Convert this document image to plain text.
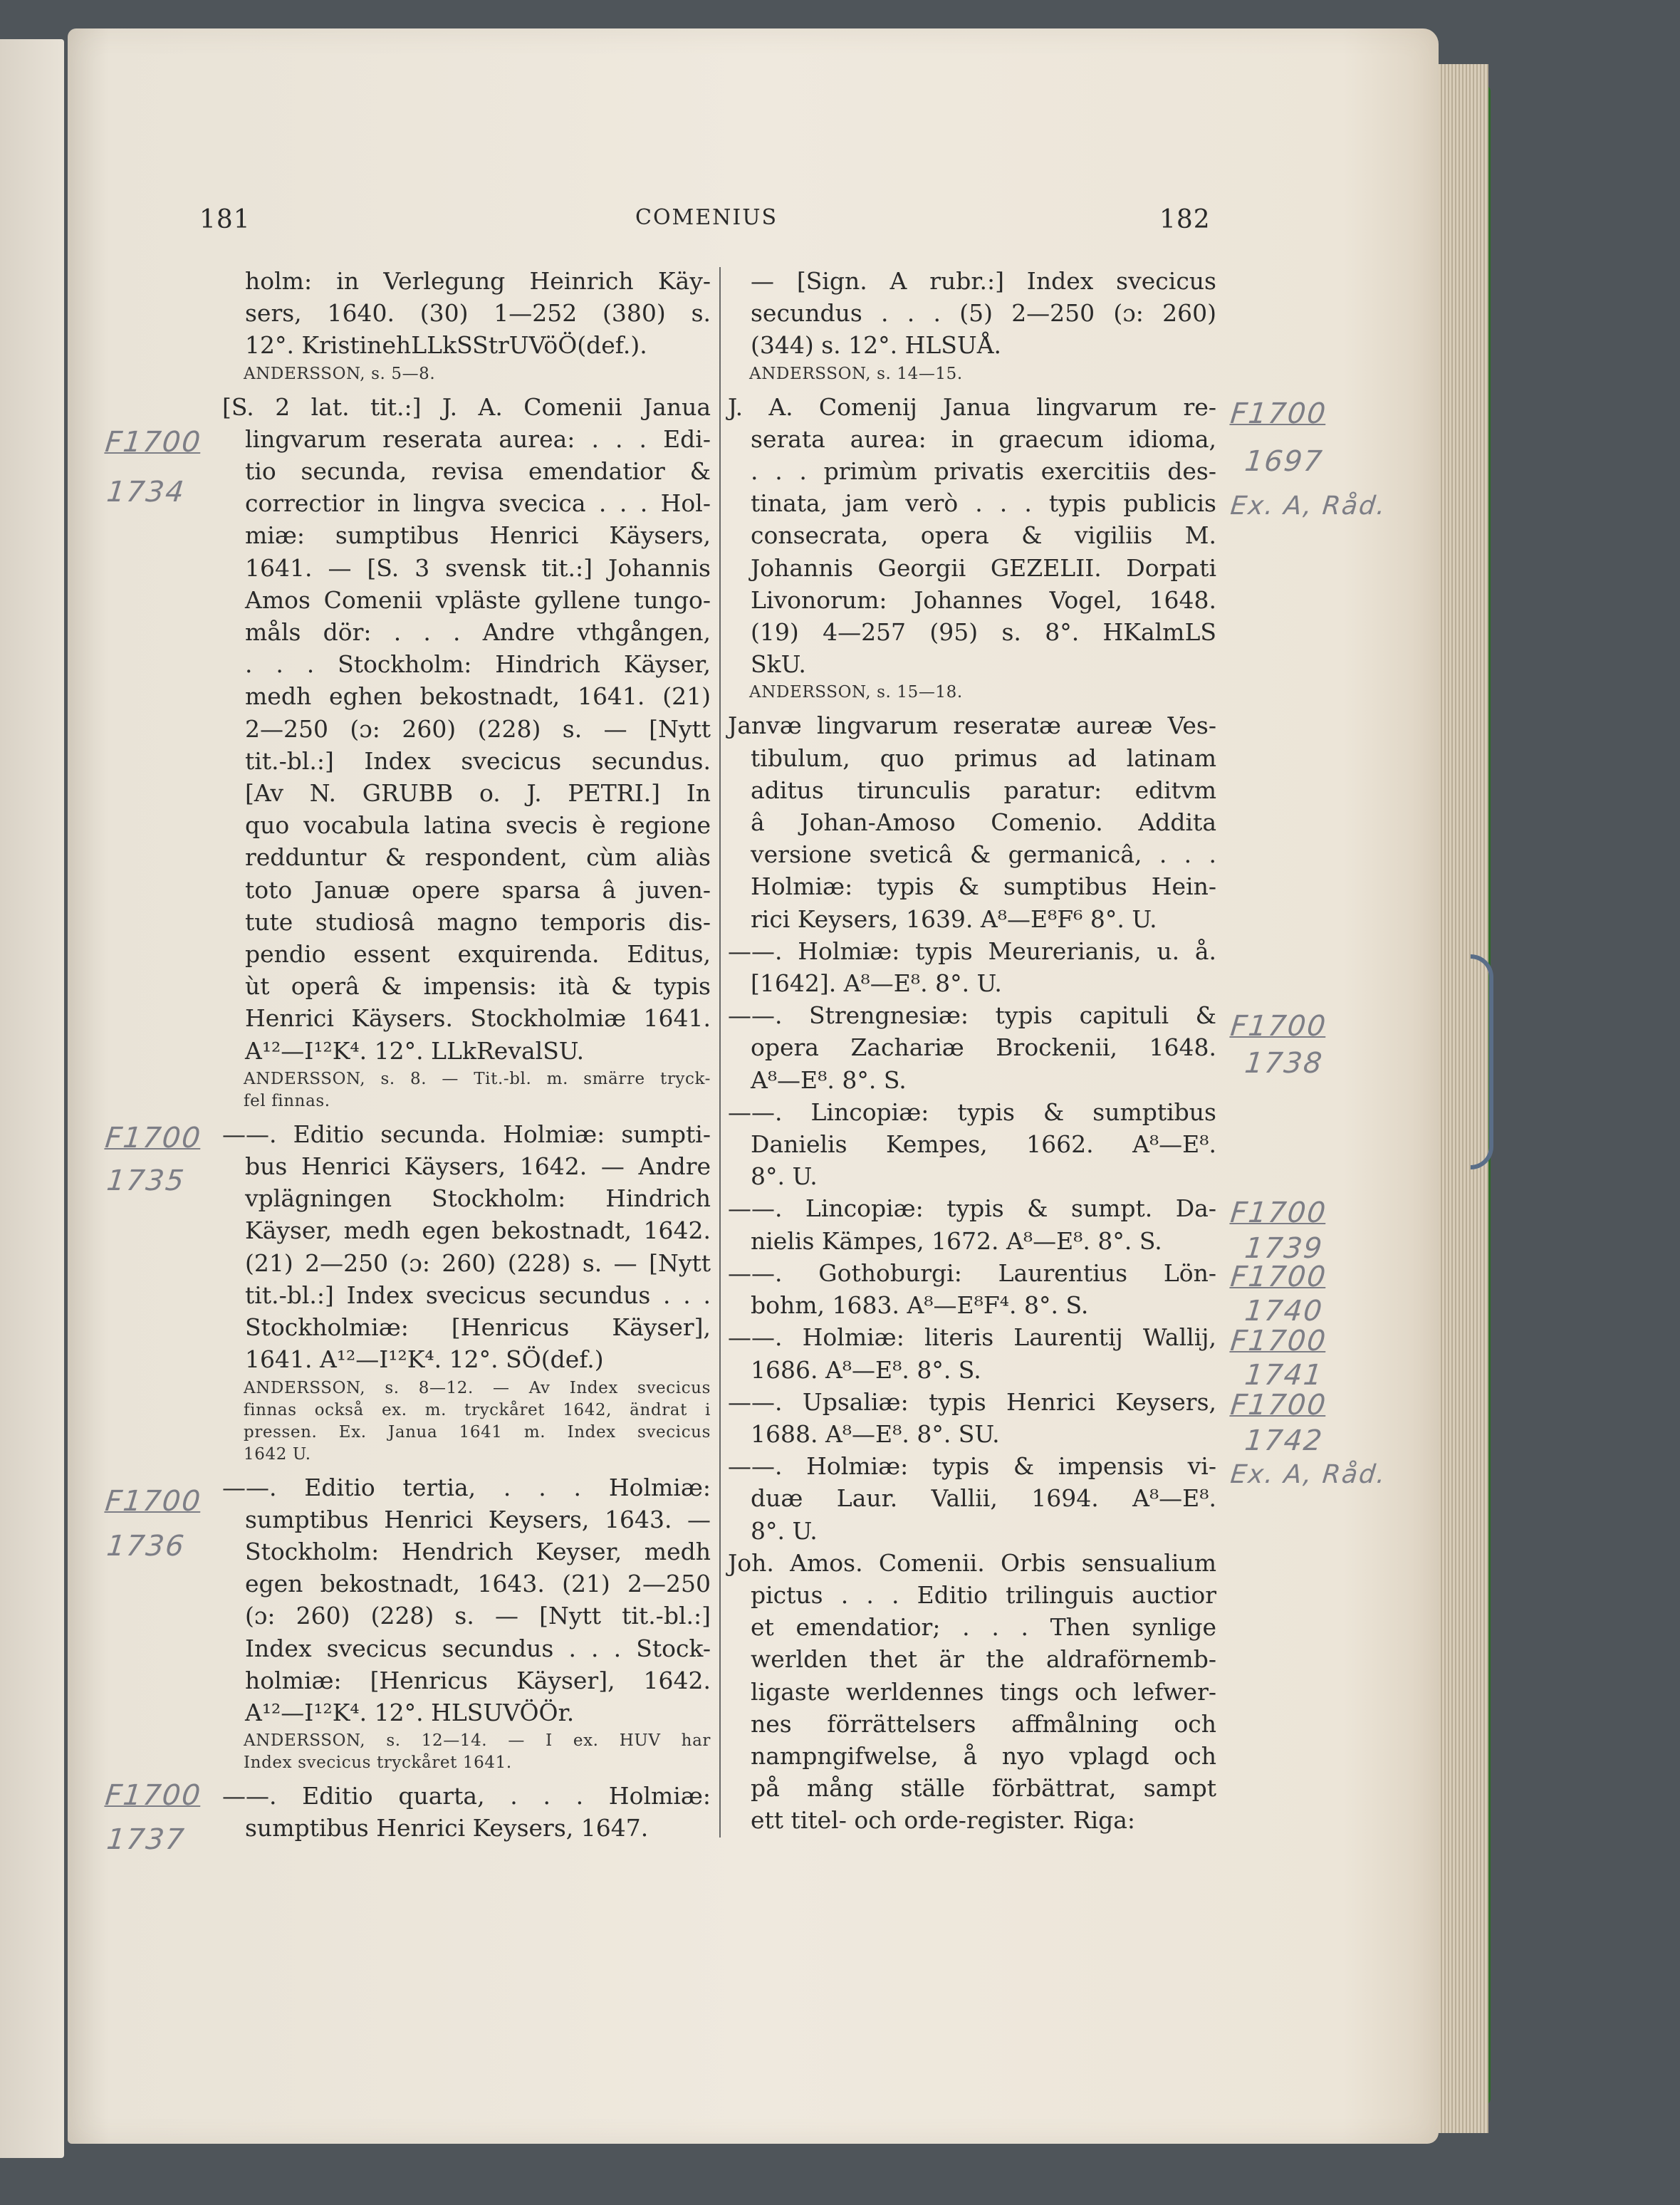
181	COMENIUS	182
holm: in Verlegung Heinrich Käy-
sers, 1640. (30) 1—252 (380) s.
12°. KristinehLLkSStrUVöÖ(def.).
ANDERSSON, s. 5—8.
[S. 2 lat. tit.:] J. A. Comenii Janua
lingvarum reserata aurea: . . . Edi-
tio secunda, revisa emendatior &
correctior in lingva svecica . . . Hol-
miæ: sumptibus Henrici Käysers,
1641. — [S. 3 svensk tit.:] Johannis
Amos Comenii vpläste gyllene tungo-
måls dör: . . . Andre vthgången,
. . . Stockholm: Hindrich Käyser,
medh eghen bekostnadt, 1641. (21)
2—250 (ɔ: 260) (228) s. — [Nytt
tit.-bl.:] Index svecicus secundus.
[Av N. GRUBB o. J. PETRI.] In
quo vocabula latina svecis è regione
redduntur & respondent, cùm aliàs
toto Januæ opere sparsa â juven-
tute studiosâ magno temporis dis-
pendio essent exquirenda. Editus,
ùt operâ & impensis: ità & typis
Henrici Käysers. Stockholmiæ 1641.
A¹²—I¹²K⁴. 12°. LLkRevalSU.
ANDERSSON, s. 8. — Tit.-bl. m. smärre tryck-
fel finnas.
——. Editio secunda. Holmiæ: sumpti-
bus Henrici Käysers, 1642. — Andre
vplägningen Stockholm: Hindrich
Käyser, medh egen bekostnadt, 1642.
(21) 2—250 (ɔ: 260) (228) s. — [Nytt
tit.-bl.:] Index svecicus secundus . . .
Stockholmiæ: [Henricus Käyser],
1641. A¹²—I¹²K⁴. 12°. SÖ(def.)
ANDERSSON, s. 8—12. — Av Index svecicus
finnas också ex. m. tryckåret 1642, ändrat i
pressen. Ex. Janua 1641 m. Index svecicus
1642 U.
——. Editio tertia, . . . Holmiæ:
sumptibus Henrici Keysers, 1643. —
Stockholm: Hendrich Keyser, medh
egen bekostnadt, 1643. (21) 2—250
(ɔ: 260) (228) s. — [Nytt tit.-bl.:]
Index svecicus secundus . . . Stock-
holmiæ: [Henricus Käyser], 1642.
A¹²—I¹²K⁴. 12°. HLSUVÖÖr.
ANDERSSON, s. 12—14. — I ex. HUV har
Index svecicus tryckåret 1641.
——. Editio quarta, . . . Holmiæ:
sumptibus Henrici Keysers, 1647.
— [Sign. A rubr.:] Index svecicus
secundus . . . (5) 2—250 (ɔ: 260)
(344) s. 12°. HLSUÅ.
ANDERSSON, s. 14—15.
J. A. Comenij Janua lingvarum re-
serata aurea: in graecum idioma,
. . . primùm privatis exercitiis des-
tinata, jam verò . . . typis publicis
consecrata, opera & vigiliis M.
Johannis Georgii GEZELII. Dorpati
Livonorum: Johannes Vogel, 1648.
(19) 4—257 (95) s. 8°. HKalmLS
SkU.
ANDERSSON, s. 15—18.
Janvæ lingvarum reseratæ aureæ Ves-
tibulum, quo primus ad latinam
aditus tirunculis paratur: editvm
â Johan-Amoso Comenio. Addita
versione sveticâ & germanicâ, . . .
Holmiæ: typis & sumptibus Hein-
rici Keysers, 1639. A⁸—E⁸F⁶ 8°. U.
——. Holmiæ: typis Meurerianis, u. å.
[1642]. A⁸—E⁸. 8°. U.
——. Strengnesiæ: typis capituli &
opera Zachariæ Brockenii, 1648.
A⁸—E⁸. 8°. S.
——. Lincopiæ: typis & sumptibus
Danielis Kempes, 1662. A⁸—E⁸.
8°. U.
——. Lincopiæ: typis & sumpt. Da-
nielis Kämpes, 1672. A⁸—E⁸. 8°. S.
——. Gothoburgi: Laurentius Lön-
bohm, 1683. A⁸—E⁸F⁴. 8°. S.
——. Holmiæ: literis Laurentij Wallij,
1686. A⁸—E⁸. 8°. S.
——. Upsaliæ: typis Henrici Keysers,
1688. A⁸—E⁸. 8°. SU.
——. Holmiæ: typis & impensis vi-
duæ Laur. Vallii, 1694. A⁸—E⁸.
8°. U.
Joh. Amos. Comenii. Orbis sensualium
pictus . . . Editio trilinguis auctior
et emendatior; . . . Then synlige
werlden thet är the aldraförnemb-
ligaste werldennes tings och lefwer-
nes förrättelsers affmålning och
nampngifwelse, å nyo vplagd och
på mång ställe förbättrat, sampt
ett titel- och orde-register. Riga:
F1700
1734
F1700
1735
F1700
1736
F1700
1737
F1700
1697
Ex. A, Råd.
F1700
1738
F1700
1739
F1700
1740
F1700
1741
F1700
1742
Ex. A, Råd.
